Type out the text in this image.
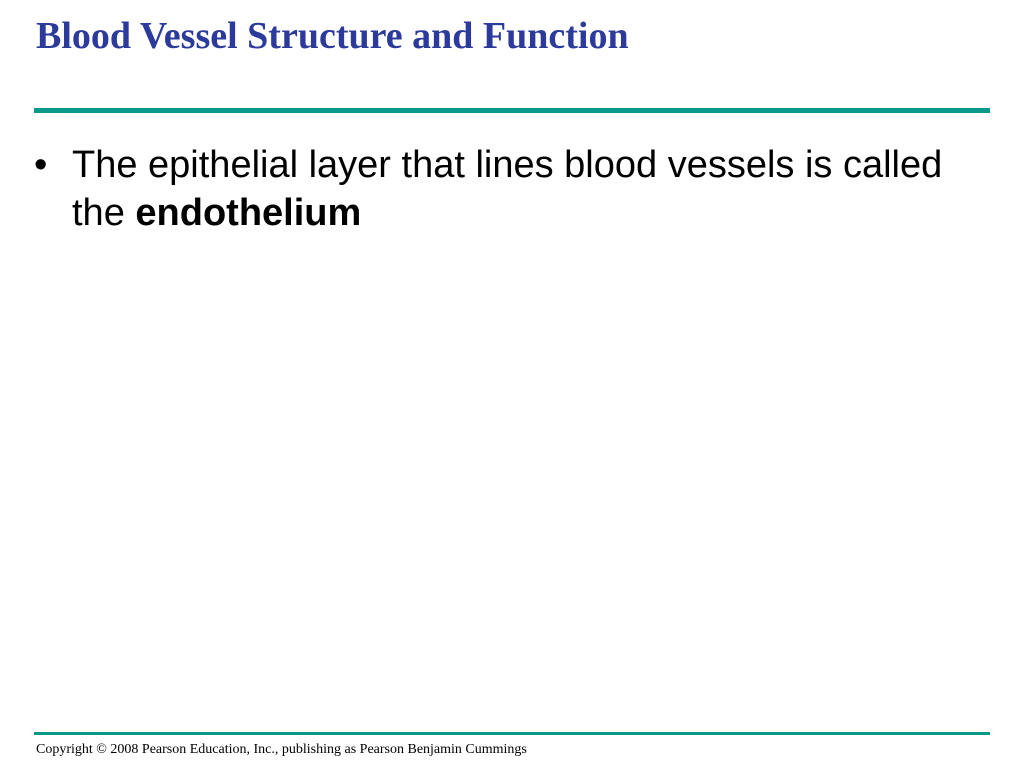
Blood Vessel Structure and Function
• The epithelial layer that lines blood vessels is called the endothelium

Copyright © 2008 Pearson Education, Inc., publishing as Pearson Benjamin Cummings
